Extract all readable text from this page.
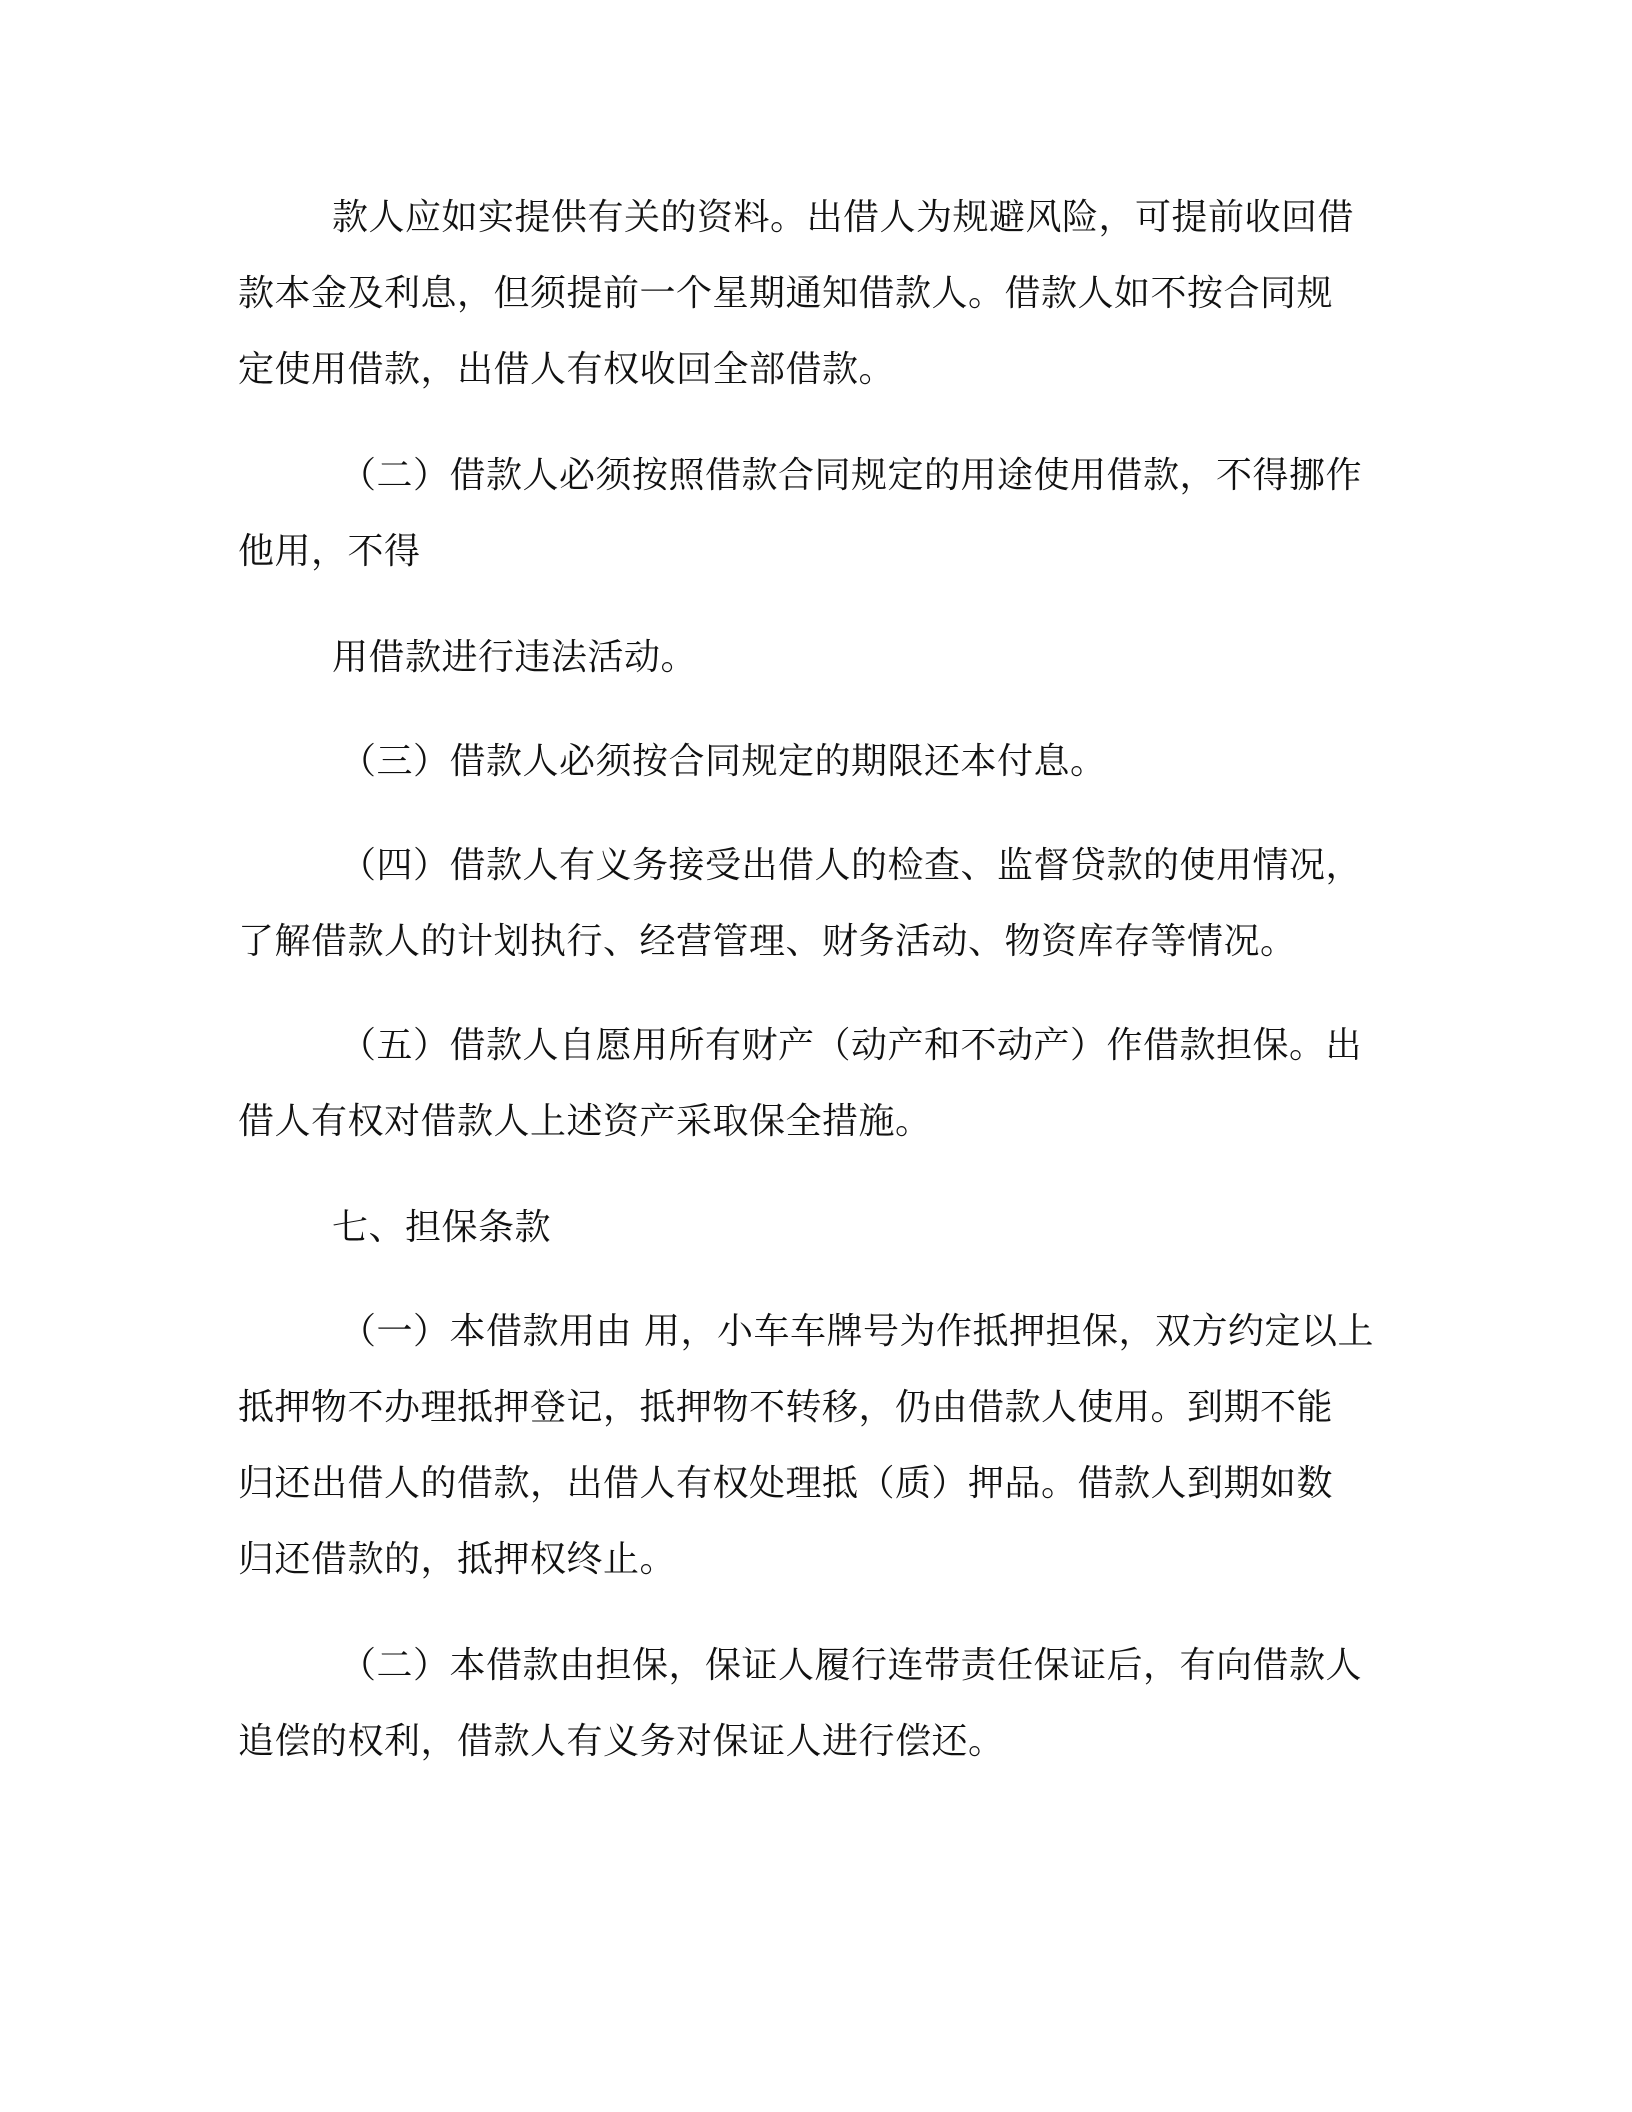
款人应如实提供有关的资料。出借人为规避风险，可提前收回借
款本金及利息，但须提前一个星期通知借款人。借款人如不按合同规
定使用借款，出借人有权收回全部借款。
（二）借款人必须按照借款合同规定的用途使用借款，不得挪作
他用，不得
用借款进行违法活动。
（三）借款人必须按合同规定的期限还本付息。
（四）借款人有义务接受出借人的检查、监督贷款的使用情况，
了解借款人的计划执行、经营管理、财务活动、物资库存等情况。
（五）借款人自愿用所有财产（动产和不动产）作借款担保。出
借人有权对借款人上述资产采取保全措施。
七、担保条款
（一）本借款用由 用，小车车牌号为作抵押担保，双方约定以上
抵押物不办理抵押登记，抵押物不转移，仍由借款人使用。到期不能
归还出借人的借款，出借人有权处理抵（质）押品。借款人到期如数
归还借款的，抵押权终止。
（二）本借款由担保，保证人履行连带责任保证后，有向借款人
追偿的权利，借款人有义务对保证人进行偿还。
